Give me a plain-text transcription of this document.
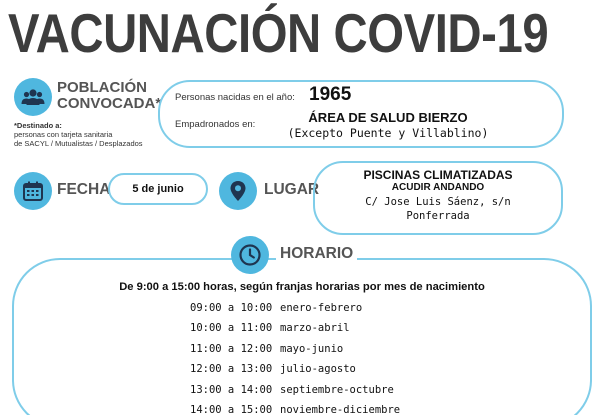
VACUNACIÓN COVID-19
POBLACIÓN
CONVOCADA*
*Destinado a:
personas con tarjeta sanitaria
de SACYL / Mutualistas / Desplazados
Personas nacidas en el año: 1965
Empadronados en:	ÁREA DE SALUD BIERZO
(Excepto Puente y Villablino)
FECHA	5 de junio	LUGAR
PISCINAS CLIMATIZADAS
ACUDIR ANDANDO
C/ Jose Luis Sáenz, s/n
Ponferrada
HORARIO
De 9:00 a 15:00 horas, según franjas horarias por mes de nacimiento
09:00 a 10:00 enero-febrero
10:00 a 11:00 marzo-abril
11:00 a 12:00 mayo-junio
12:00 a 13:00 julio-agosto
13:00 a 14:00 septiembre-octubre
14:00 a 15:00 noviembre-diciembre
